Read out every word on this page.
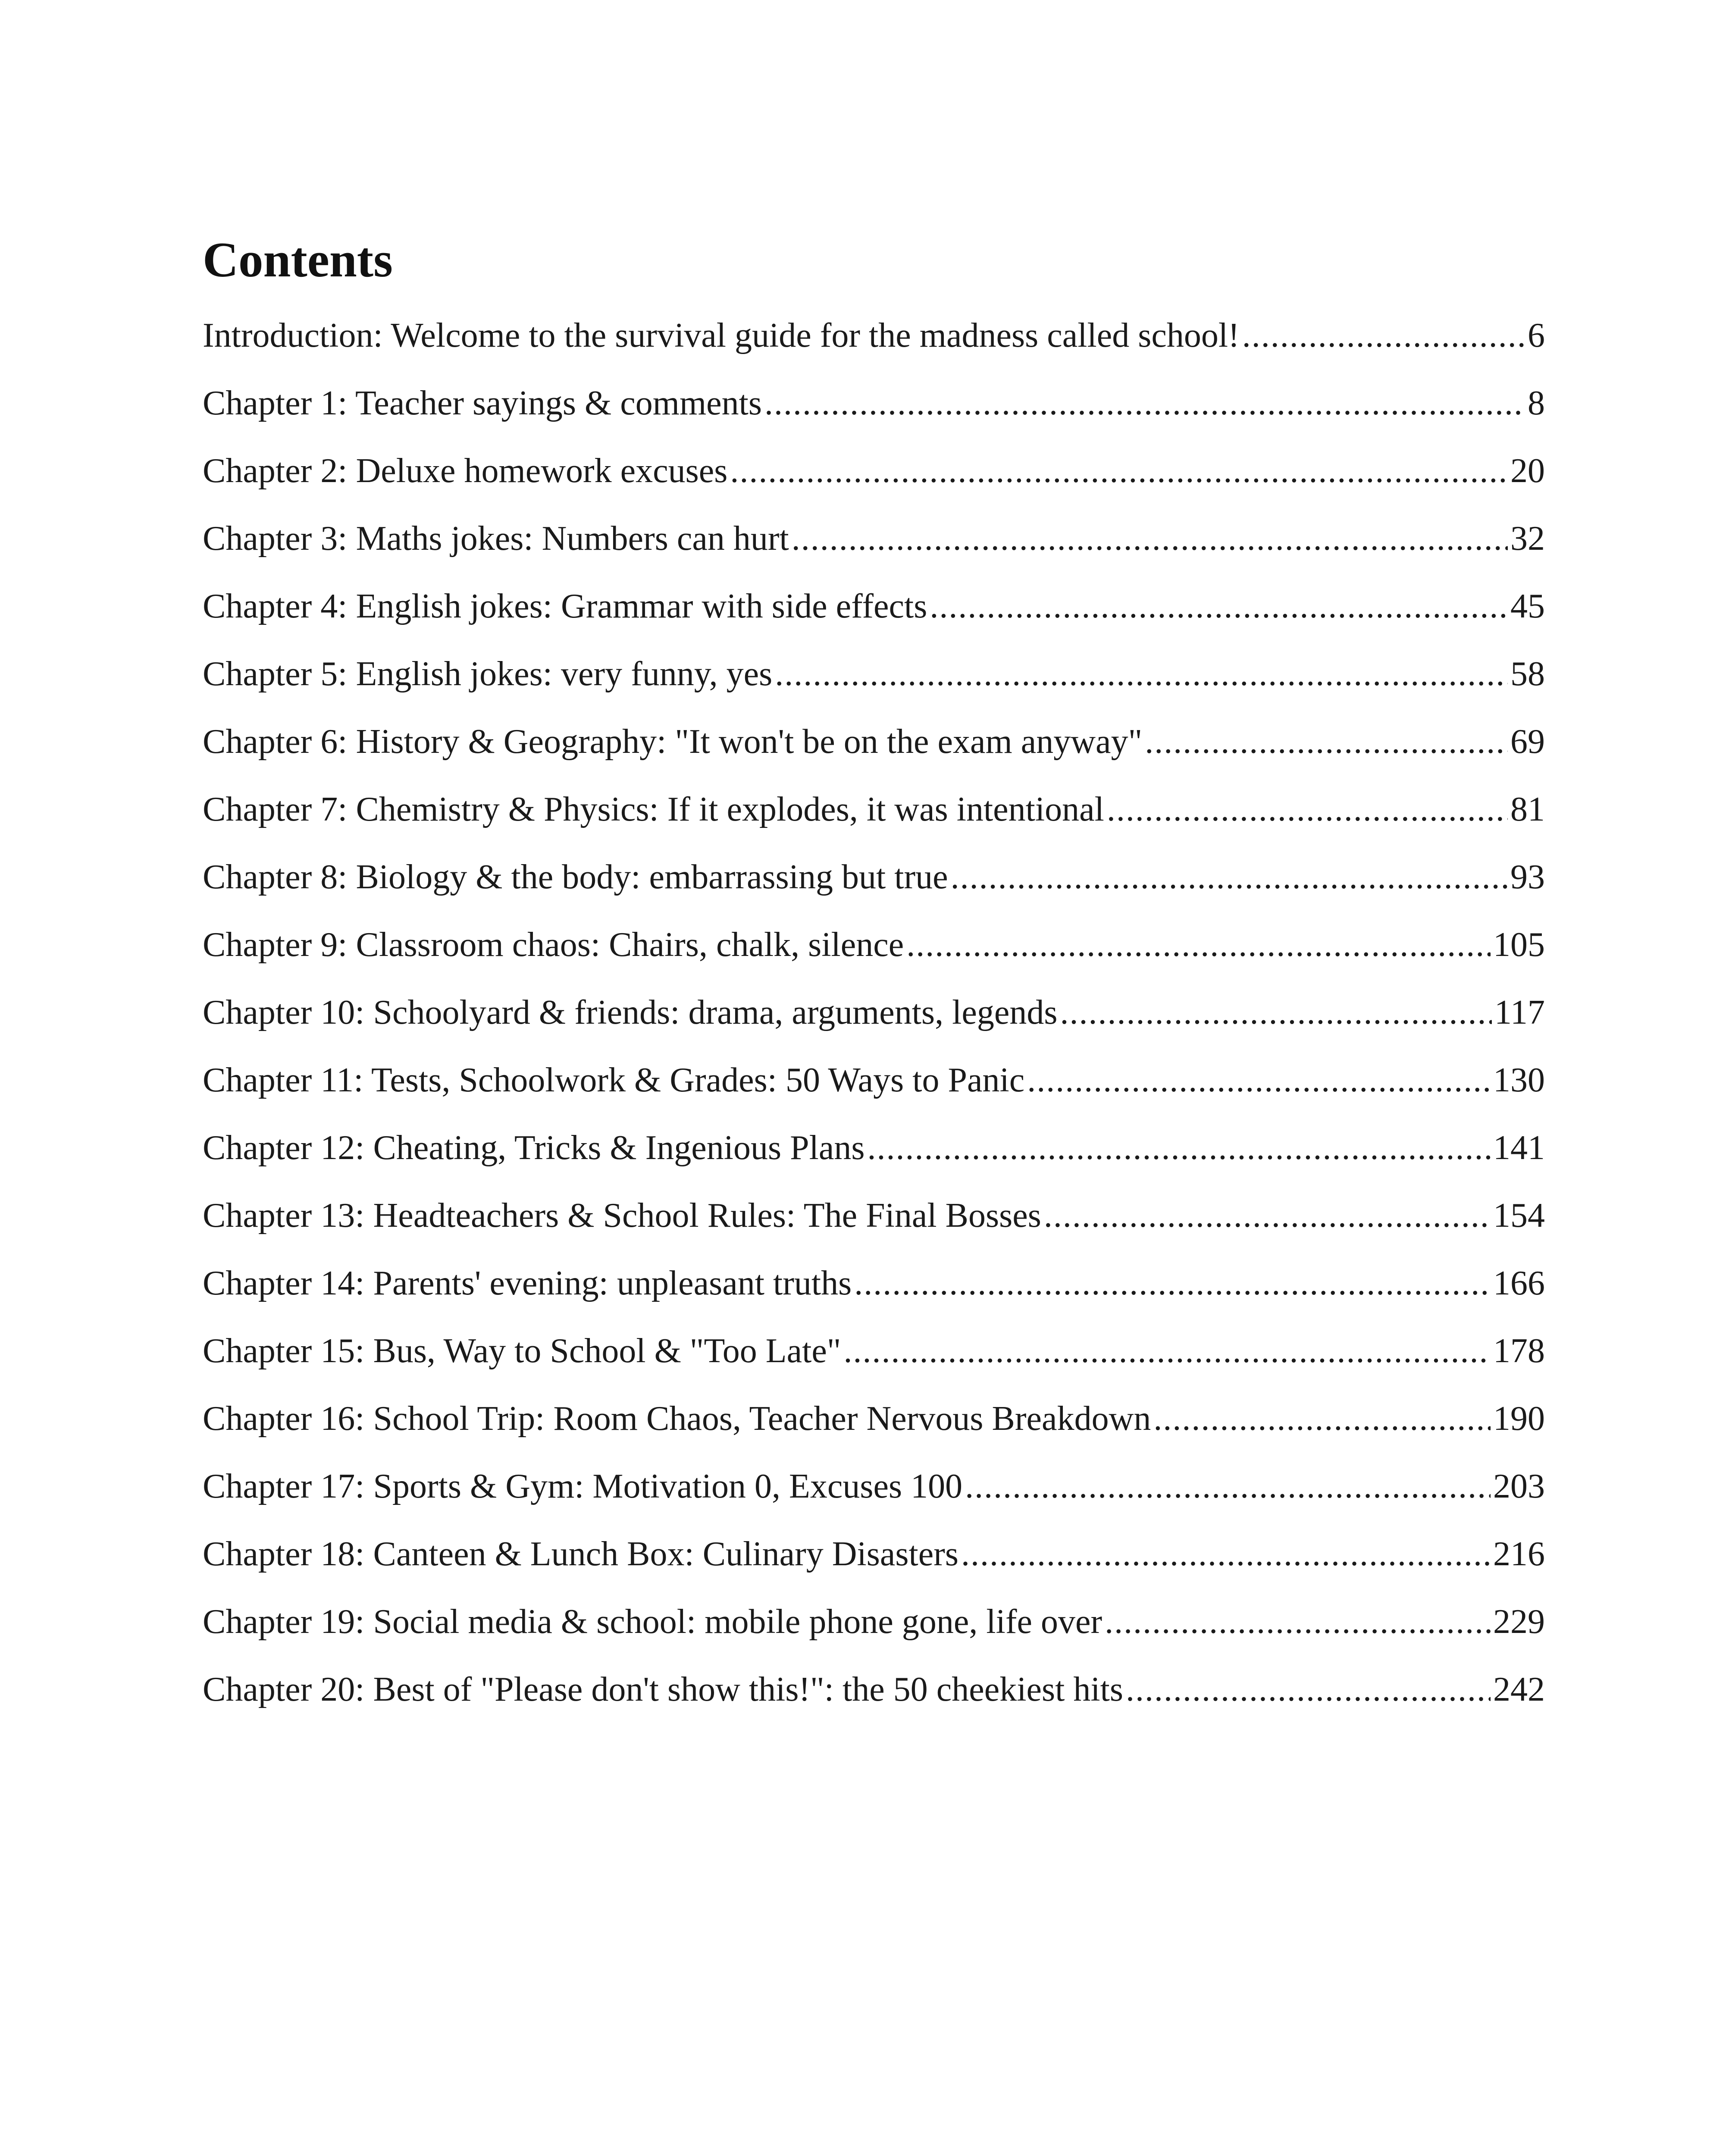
Contents
Introduction: Welcome to the survival guide for the madness called school! .....	6
Chapter 1: Teacher sayings & comments .....	8
Chapter 2: Deluxe homework excuses .....	20
Chapter 3: Maths jokes: Numbers can hurt .....	32
Chapter 4: English jokes: Grammar with side effects .....	45
Chapter 5: English jokes: very funny, yes .....	58
Chapter 6: History & Geography: "It won't be on the exam anyway" .....	69
Chapter 7: Chemistry & Physics: If it explodes, it was intentional .....	81
Chapter 8: Biology & the body: embarrassing but true .....	93
Chapter 9: Classroom chaos: Chairs, chalk, silence .....	105
Chapter 10: Schoolyard & friends: drama, arguments, legends .....	117
Chapter 11: Tests, Schoolwork & Grades: 50 Ways to Panic .....	130
Chapter 12: Cheating, Tricks & Ingenious Plans .....	141
Chapter 13: Headteachers & School Rules: The Final Bosses .....	154
Chapter 14: Parents' evening: unpleasant truths .....	166
Chapter 15: Bus, Way to School & "Too Late" .....	178
Chapter 16: School Trip: Room Chaos, Teacher Nervous Breakdown .....	190
Chapter 17: Sports & Gym: Motivation 0, Excuses 100 .....	203
Chapter 18: Canteen & Lunch Box: Culinary Disasters .....	216
Chapter 19: Social media & school: mobile phone gone, life over .....	229
Chapter 20: Best of "Please don't show this!": the 50 cheekiest hits .....	242
